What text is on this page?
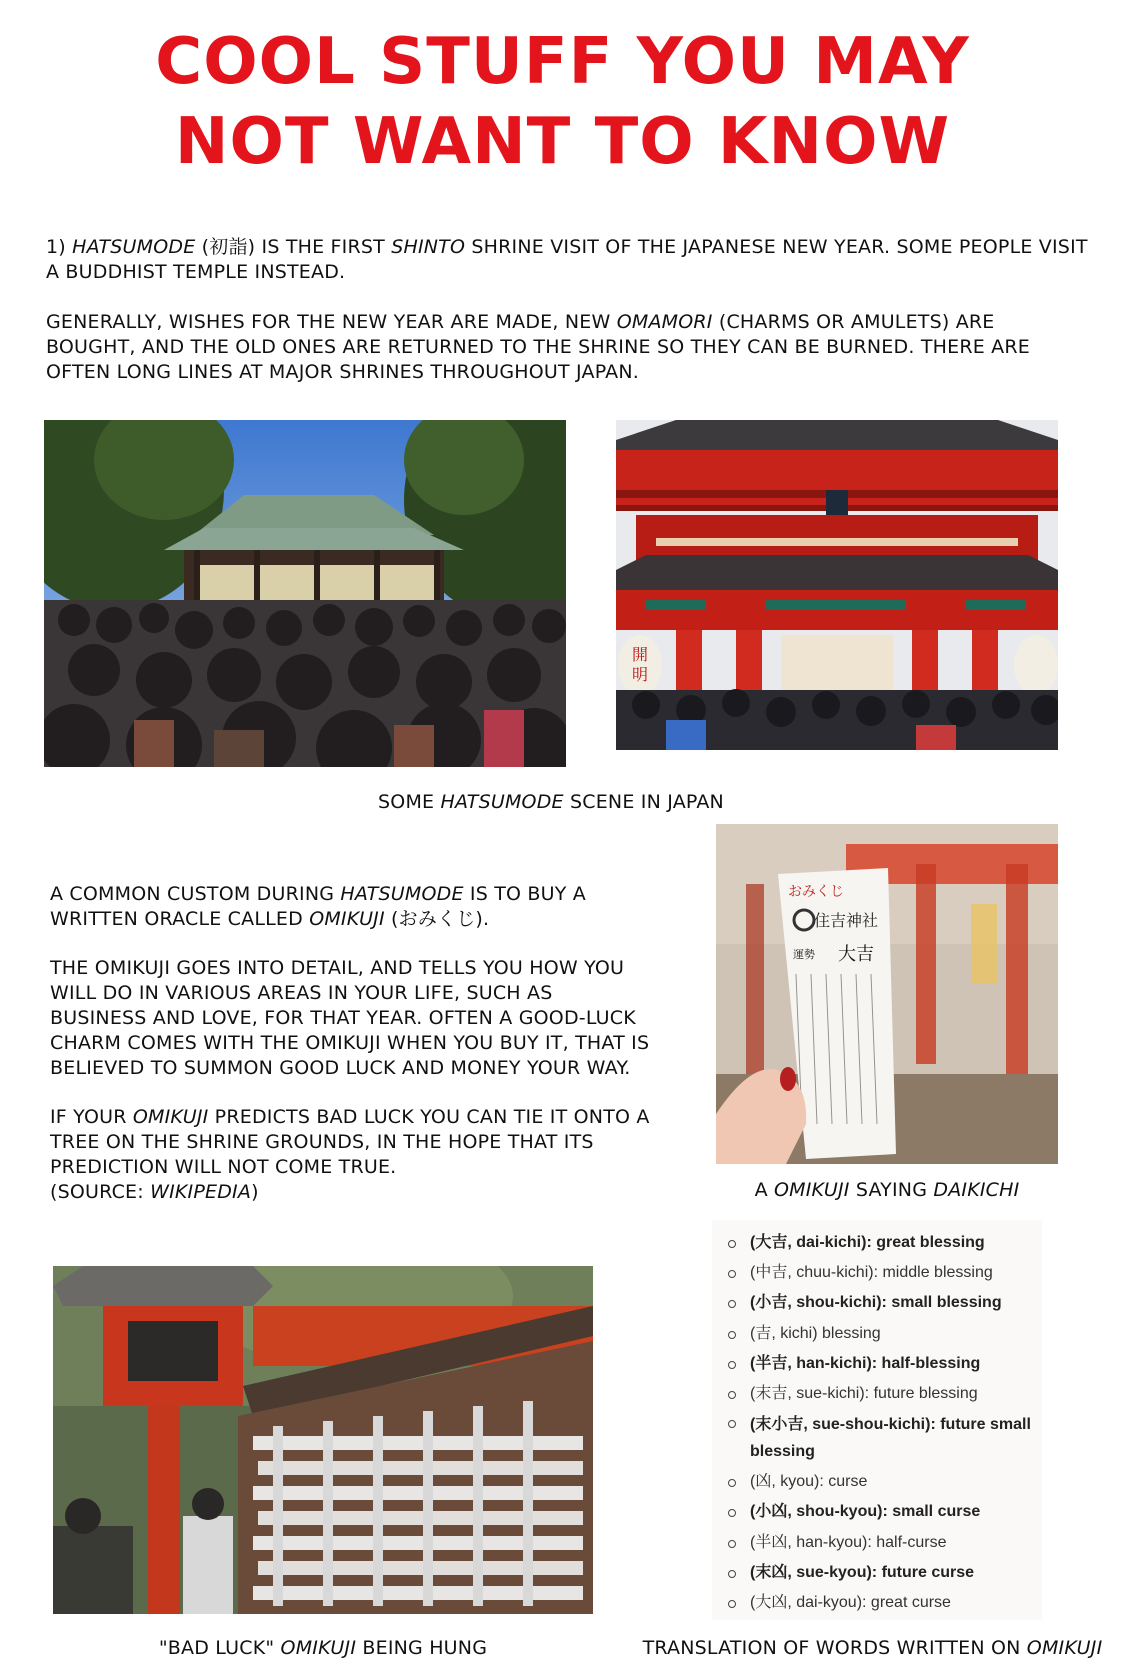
COOL STUFF YOU MAY
NOT WANT TO KNOW

1) HATSUMODE (初詣) IS THE FIRST SHINTO SHRINE VISIT OF THE JAPANESE NEW YEAR. SOME PEOPLE VISIT A BUDDHIST TEMPLE INSTEAD.

GENERALLY, WISHES FOR THE NEW YEAR ARE MADE, NEW OMAMORI (CHARMS OR AMULETS) ARE BOUGHT, AND THE OLD ONES ARE RETURNED TO THE SHRINE SO THEY CAN BE BURNED. THERE ARE OFTEN LONG LINES AT MAJOR SHRINES THROUGHOUT JAPAN.

開
明
SOME HATSUMODE SCENE IN JAPAN

A COMMON CUSTOM DURING HATSUMODE IS TO BUY A WRITTEN ORACLE CALLED OMIKUJI (おみくじ).

THE OMIKUJI GOES INTO DETAIL, AND TELLS YOU HOW YOU WILL DO IN VARIOUS AREAS IN YOUR LIFE, SUCH AS BUSINESS AND LOVE, FOR THAT YEAR. OFTEN A GOOD-LUCK CHARM COMES WITH THE OMIKUJI WHEN YOU BUY IT, THAT IS BELIEVED TO SUMMON GOOD LUCK AND MONEY YOUR WAY.

IF YOUR OMIKUJI PREDICTS BAD LUCK YOU CAN TIE IT ONTO A TREE ON THE SHRINE GROUNDS, IN THE HOPE THAT ITS PREDICTION WILL NOT COME TRUE.

(SOURCE: WIKIPEDIA)

おみくじ
住吉神社
運勢 大吉
A OMIKUJI SAYING DAIKICHI
(大吉, dai-kichi): great blessing
(中吉, chuu-kichi): middle blessing
(小吉, shou-kichi): small blessing
(吉, kichi) blessing
(半吉, han-kichi): half-blessing
(末吉, sue-kichi): future blessing
(末小吉, sue-shou-kichi): future small blessing
(凶, kyou): curse
(小凶, shou-kyou): small curse
(半凶, han-kyou): half-curse
(末凶, sue-kyou): future curse
(大凶, dai-kyou): great curse
"BAD LUCK" OMIKUJI BEING HUNG	TRANSLATION OF WORDS WRITTEN ON OMIKUJI
